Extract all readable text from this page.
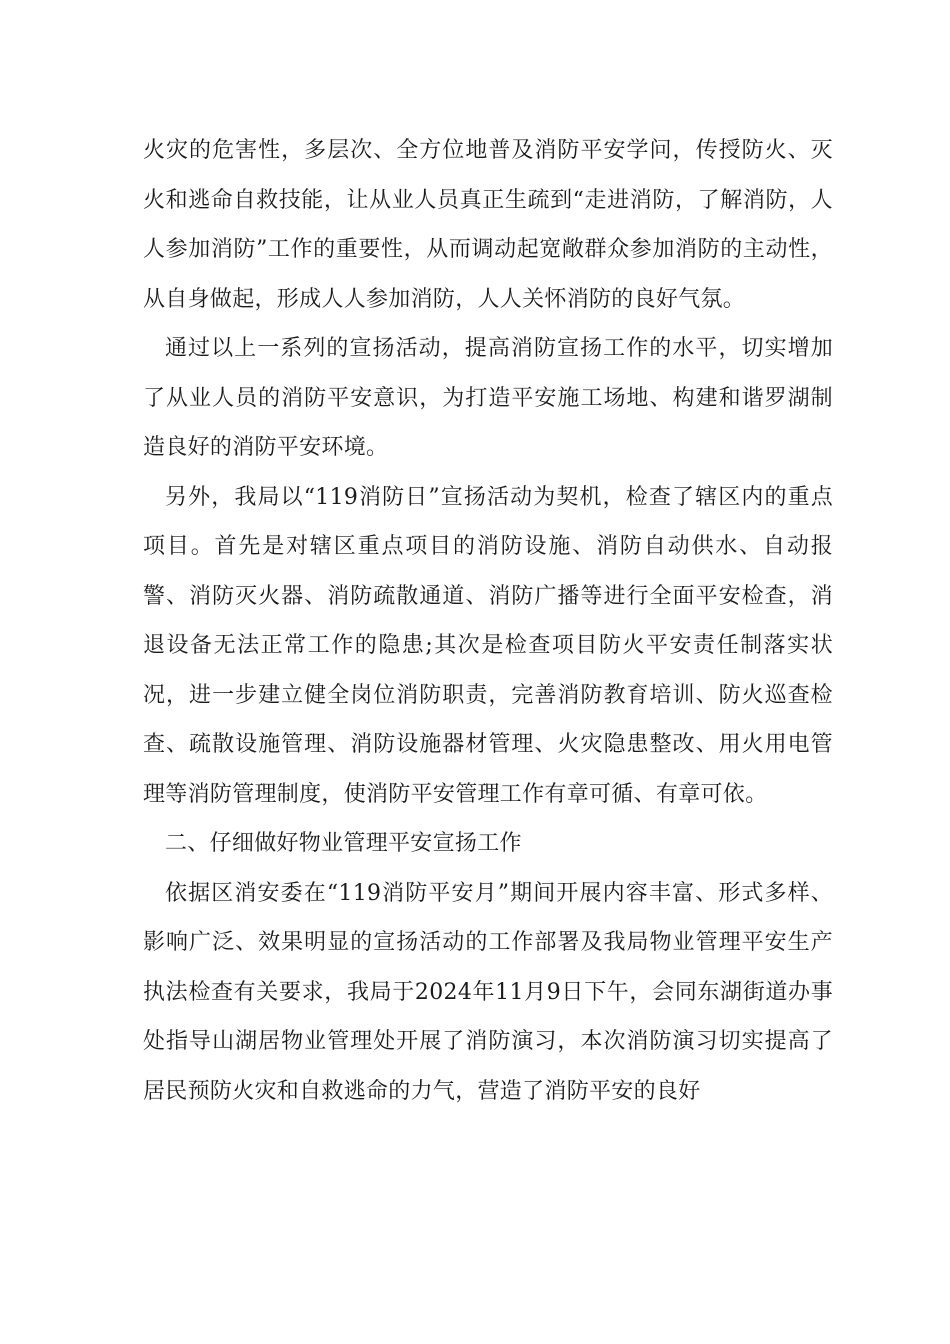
火灾的危害性，多层次、全方位地普及消防平安学问，传授防火、灭火和逃命自救技能，让从业人员真正生疏到“走进消防，了解消防，人人参加消防”工作的重要性，从而调动起宽敞群众参加消防的主动性，从自身做起，形成人人参加消防，人人关怀消防的良好气氛。

通过以上一系列的宣扬活动，提高消防宣扬工作的水平，切实增加了从业人员的消防平安意识，为打造平安施工场地、构建和谐罗湖制造良好的消防平安环境。

另外，我局以“119消防日”宣扬活动为契机，检查了辖区内的重点项目。首先是对辖区重点项目的消防设施、消防自动供水、自动报警、消防灭火器、消防疏散通道、消防广播等进行全面平安检查，消退设备无法正常工作的隐患;其次是检查项目防火平安责任制落实状况，进一步建立健全岗位消防职责，完善消防教育培训、防火巡查检查、疏散设施管理、消防设施器材管理、火灾隐患整改、用火用电管理等消防管理制度，使消防平安管理工作有章可循、有章可依。

二、仔细做好物业管理平安宣扬工作

依据区消安委在“119消防平安月”期间开展内容丰富、形式多样、影响广泛、效果明显的宣扬活动的工作部署及我局物业管理平安生产执法检查有关要求，我局于2024年11月9日下午，会同东湖街道办事处指导山湖居物业管理处开展了消防演习，本次消防演习切实提高了居民预防火灾和自救逃命的力气，营造了消防平安的良好
